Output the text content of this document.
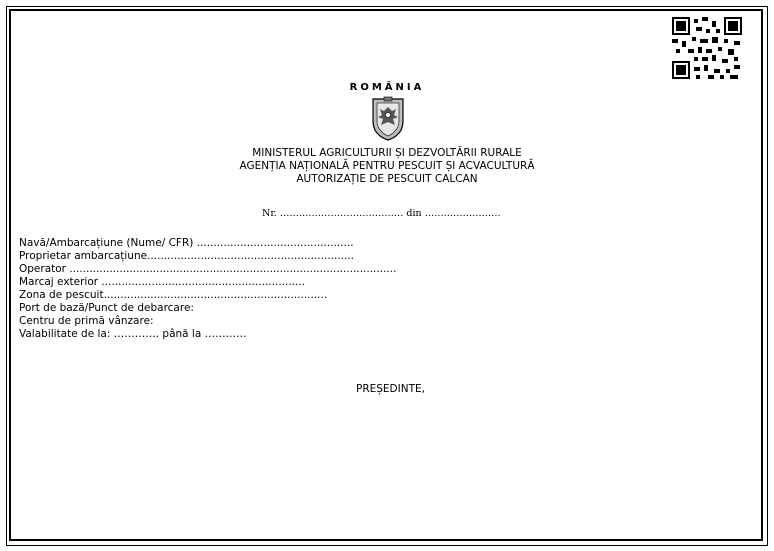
ROMÂNIA
MINISTERUL AGRICULTURII ȘI DEZVOLTĂRII RURALE
AGENȚIA NAȚIONALĂ PENTRU PESCUIT ȘI ACVACULTURĂ
AUTORIZAȚIE DE PESCUIT CALCAN
Nr. ………………………………… din ……………………
Navă/Ambarcațiune (Nume/ CFR) ...............................................
Proprietar ambarcațiune..............................................................
Operator ..................................................................................................
Marcaj exterior .............................................................
Zona de pescuit...................................................................
Port de bază/Punct de debarcare:
Centru de primă vânzare:
Valabilitate de la: …………. până la …………
PREȘEDINTE,
